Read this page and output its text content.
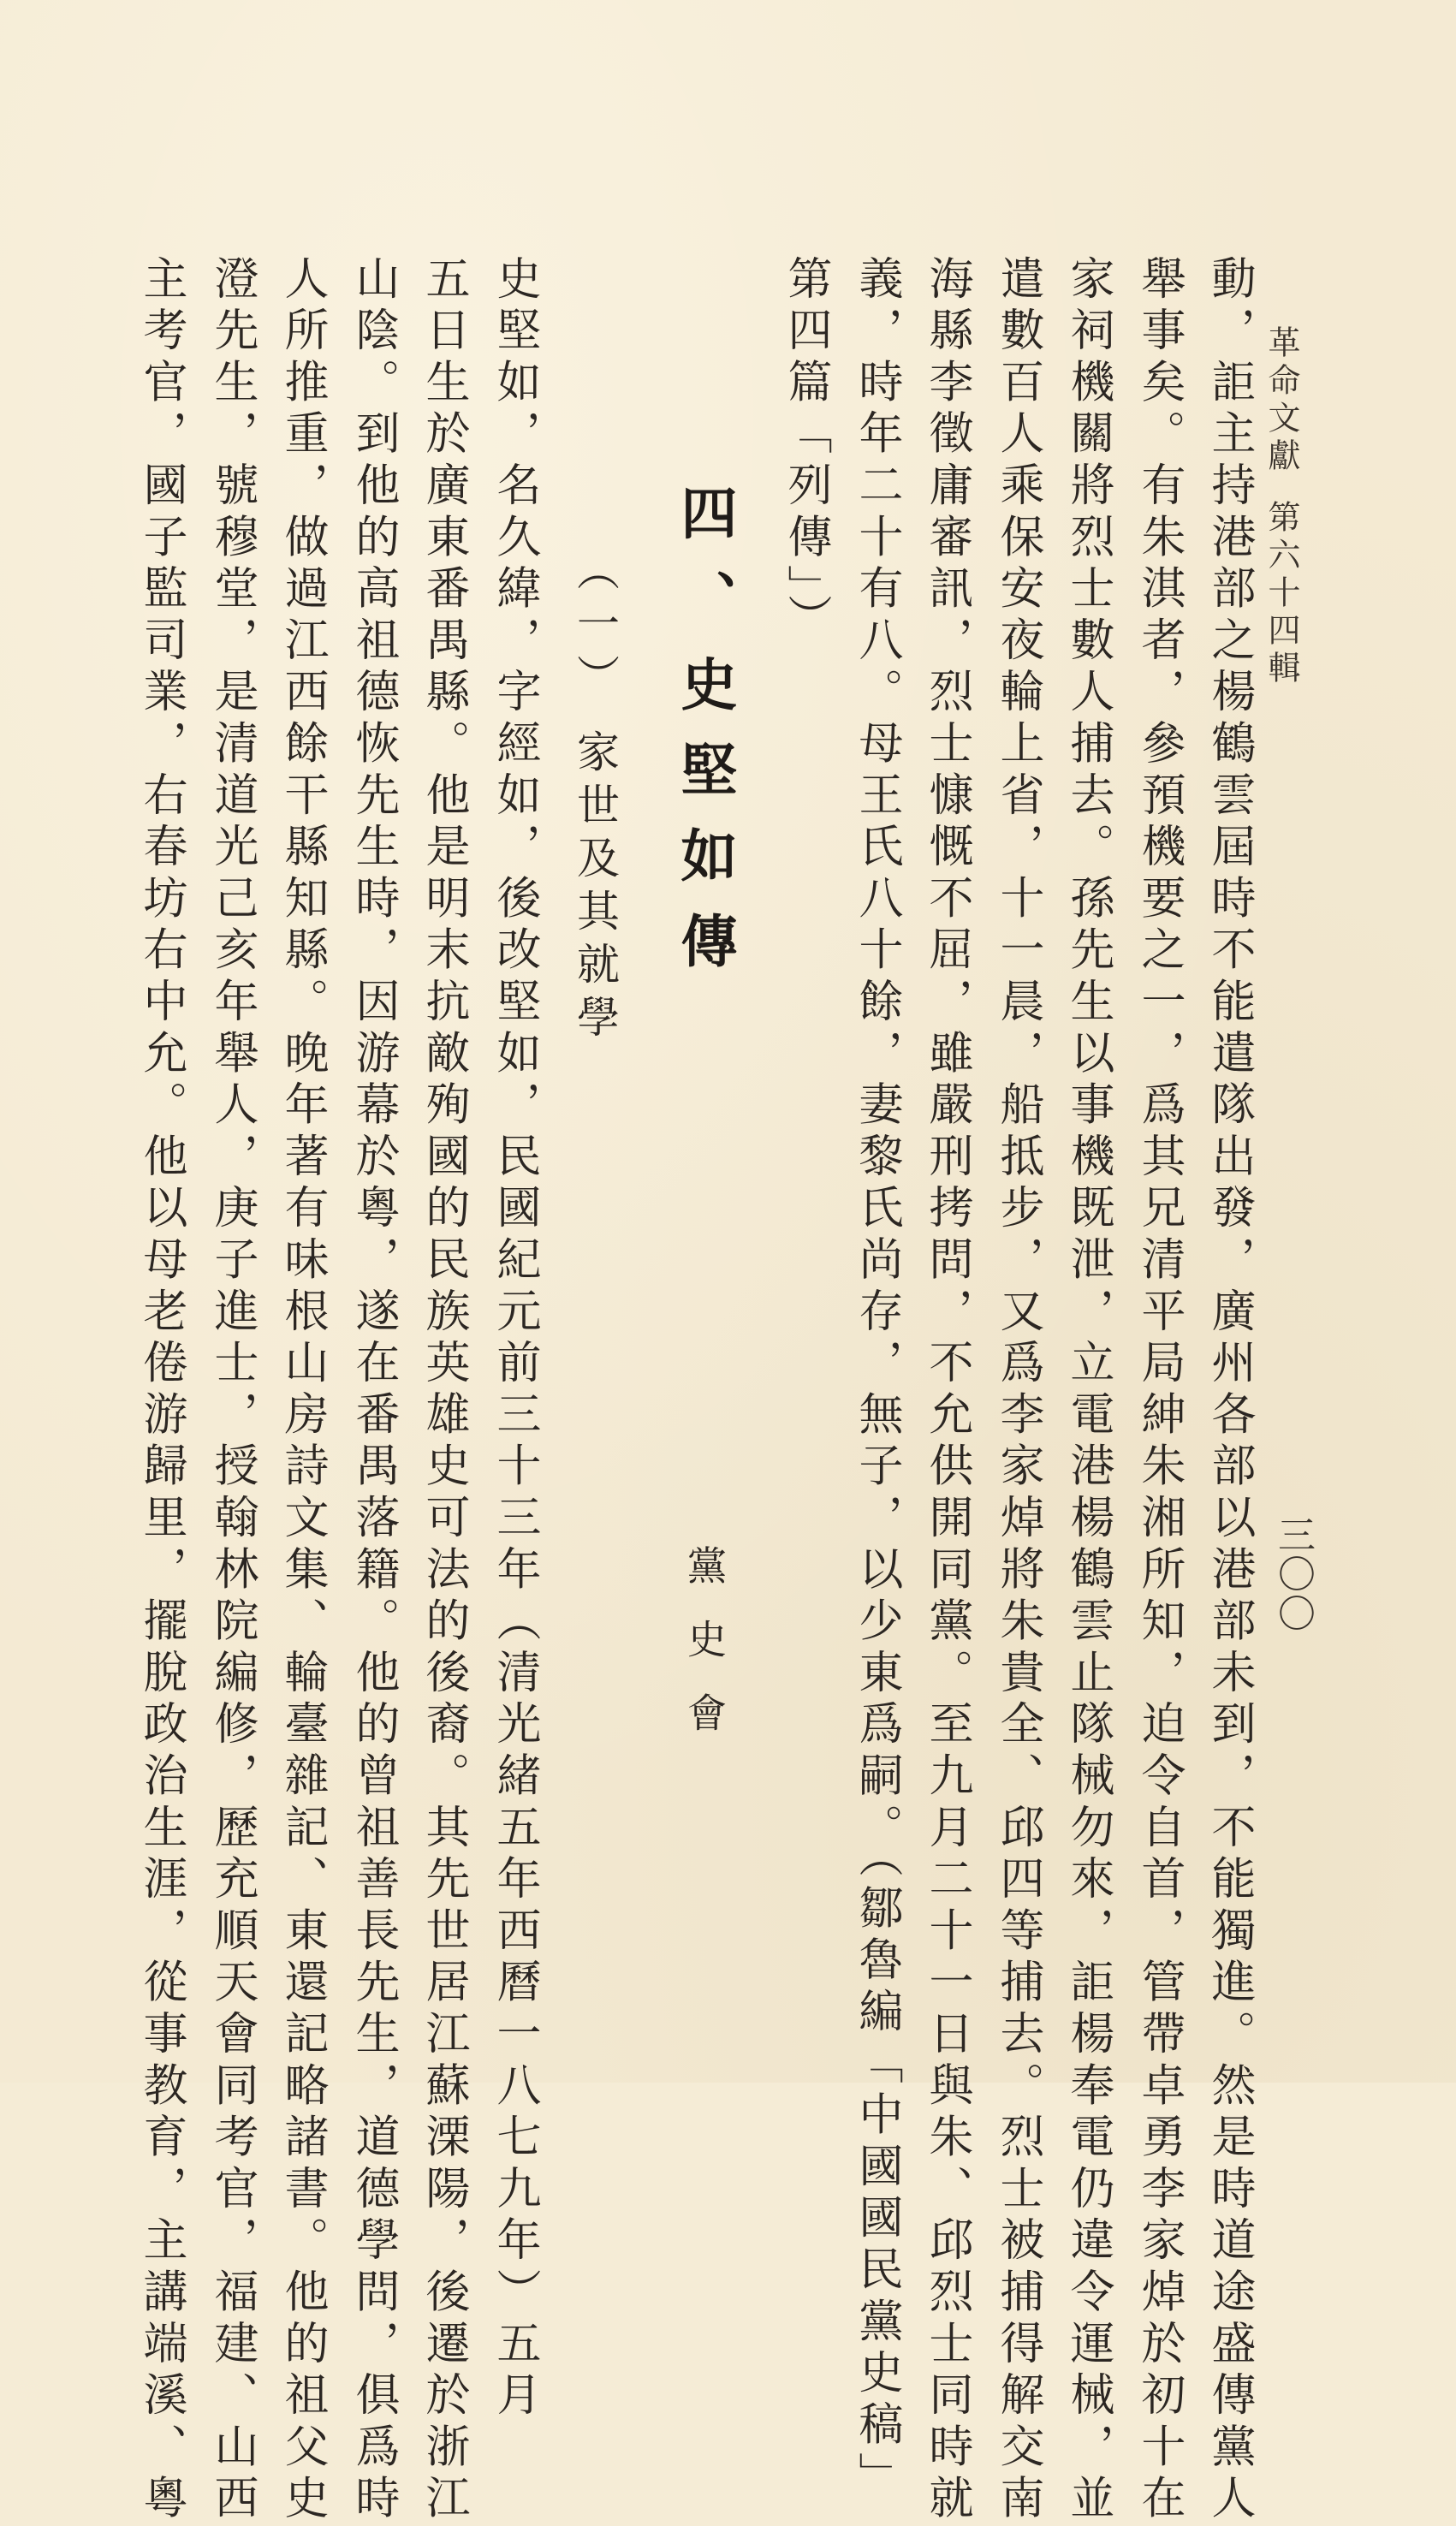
革命文獻第六十四輯
三〇〇
動，詎主持港部之楊鶴雲屆時不能遣隊出發，廣州各部以港部未到，不能獨進。然是時道途盛傳黨人
舉事矣。有朱淇者，參預機要之一，爲其兄清平局紳朱湘所知，迫令自首，管帶卓勇李家焯於初十在
家祠機關將烈士數人捕去。孫先生以事機既泄，立電港楊鶴雲止隊械勿來，詎楊奉電仍違令運械，並
遣數百人乘保安夜輪上省，十一晨，船抵步，又爲李家焯將朱貴全、邱四等捕去。烈士被捕得解交南
海縣李徵庸審訊，烈士慷慨不屈，雖嚴刑拷問，不允供開同黨。至九月二十一日與朱、邱烈士同時就
義，時年二十有八。母王氏八十餘，妻黎氏尚存，無子，以少東爲嗣。（鄒魯編「中國國民黨史稿」
第四篇「列傳」）
四、史堅如傳
黨史會
（一）家世及其就學
史堅如，名久緯，字經如，後改堅如，民國紀元前三十三年（清光緒五年西曆一八七九年）五月
五日生於廣東番禺縣。他是明末抗敵殉國的民族英雄史可法的後裔。其先世居江蘇溧陽，後遷於浙江
山陰。到他的高祖德恢先生時，因游幕於粵，遂在番禺落籍。他的曾祖善長先生，道德學問，俱爲時
人所推重，做過江西餘干縣知縣。晚年著有味根山房詩文集、輪臺雜記、東還記略諸書。他的祖父史
澄先生，號穆堂，是清道光己亥年舉人，庚子進士，授翰林院編修，歷充順天會同考官，福建、山西
主考官，國子監司業，右春坊右中允。他以母老倦游歸里，擺脫政治生涯，從事教育，主講端溪、粵
